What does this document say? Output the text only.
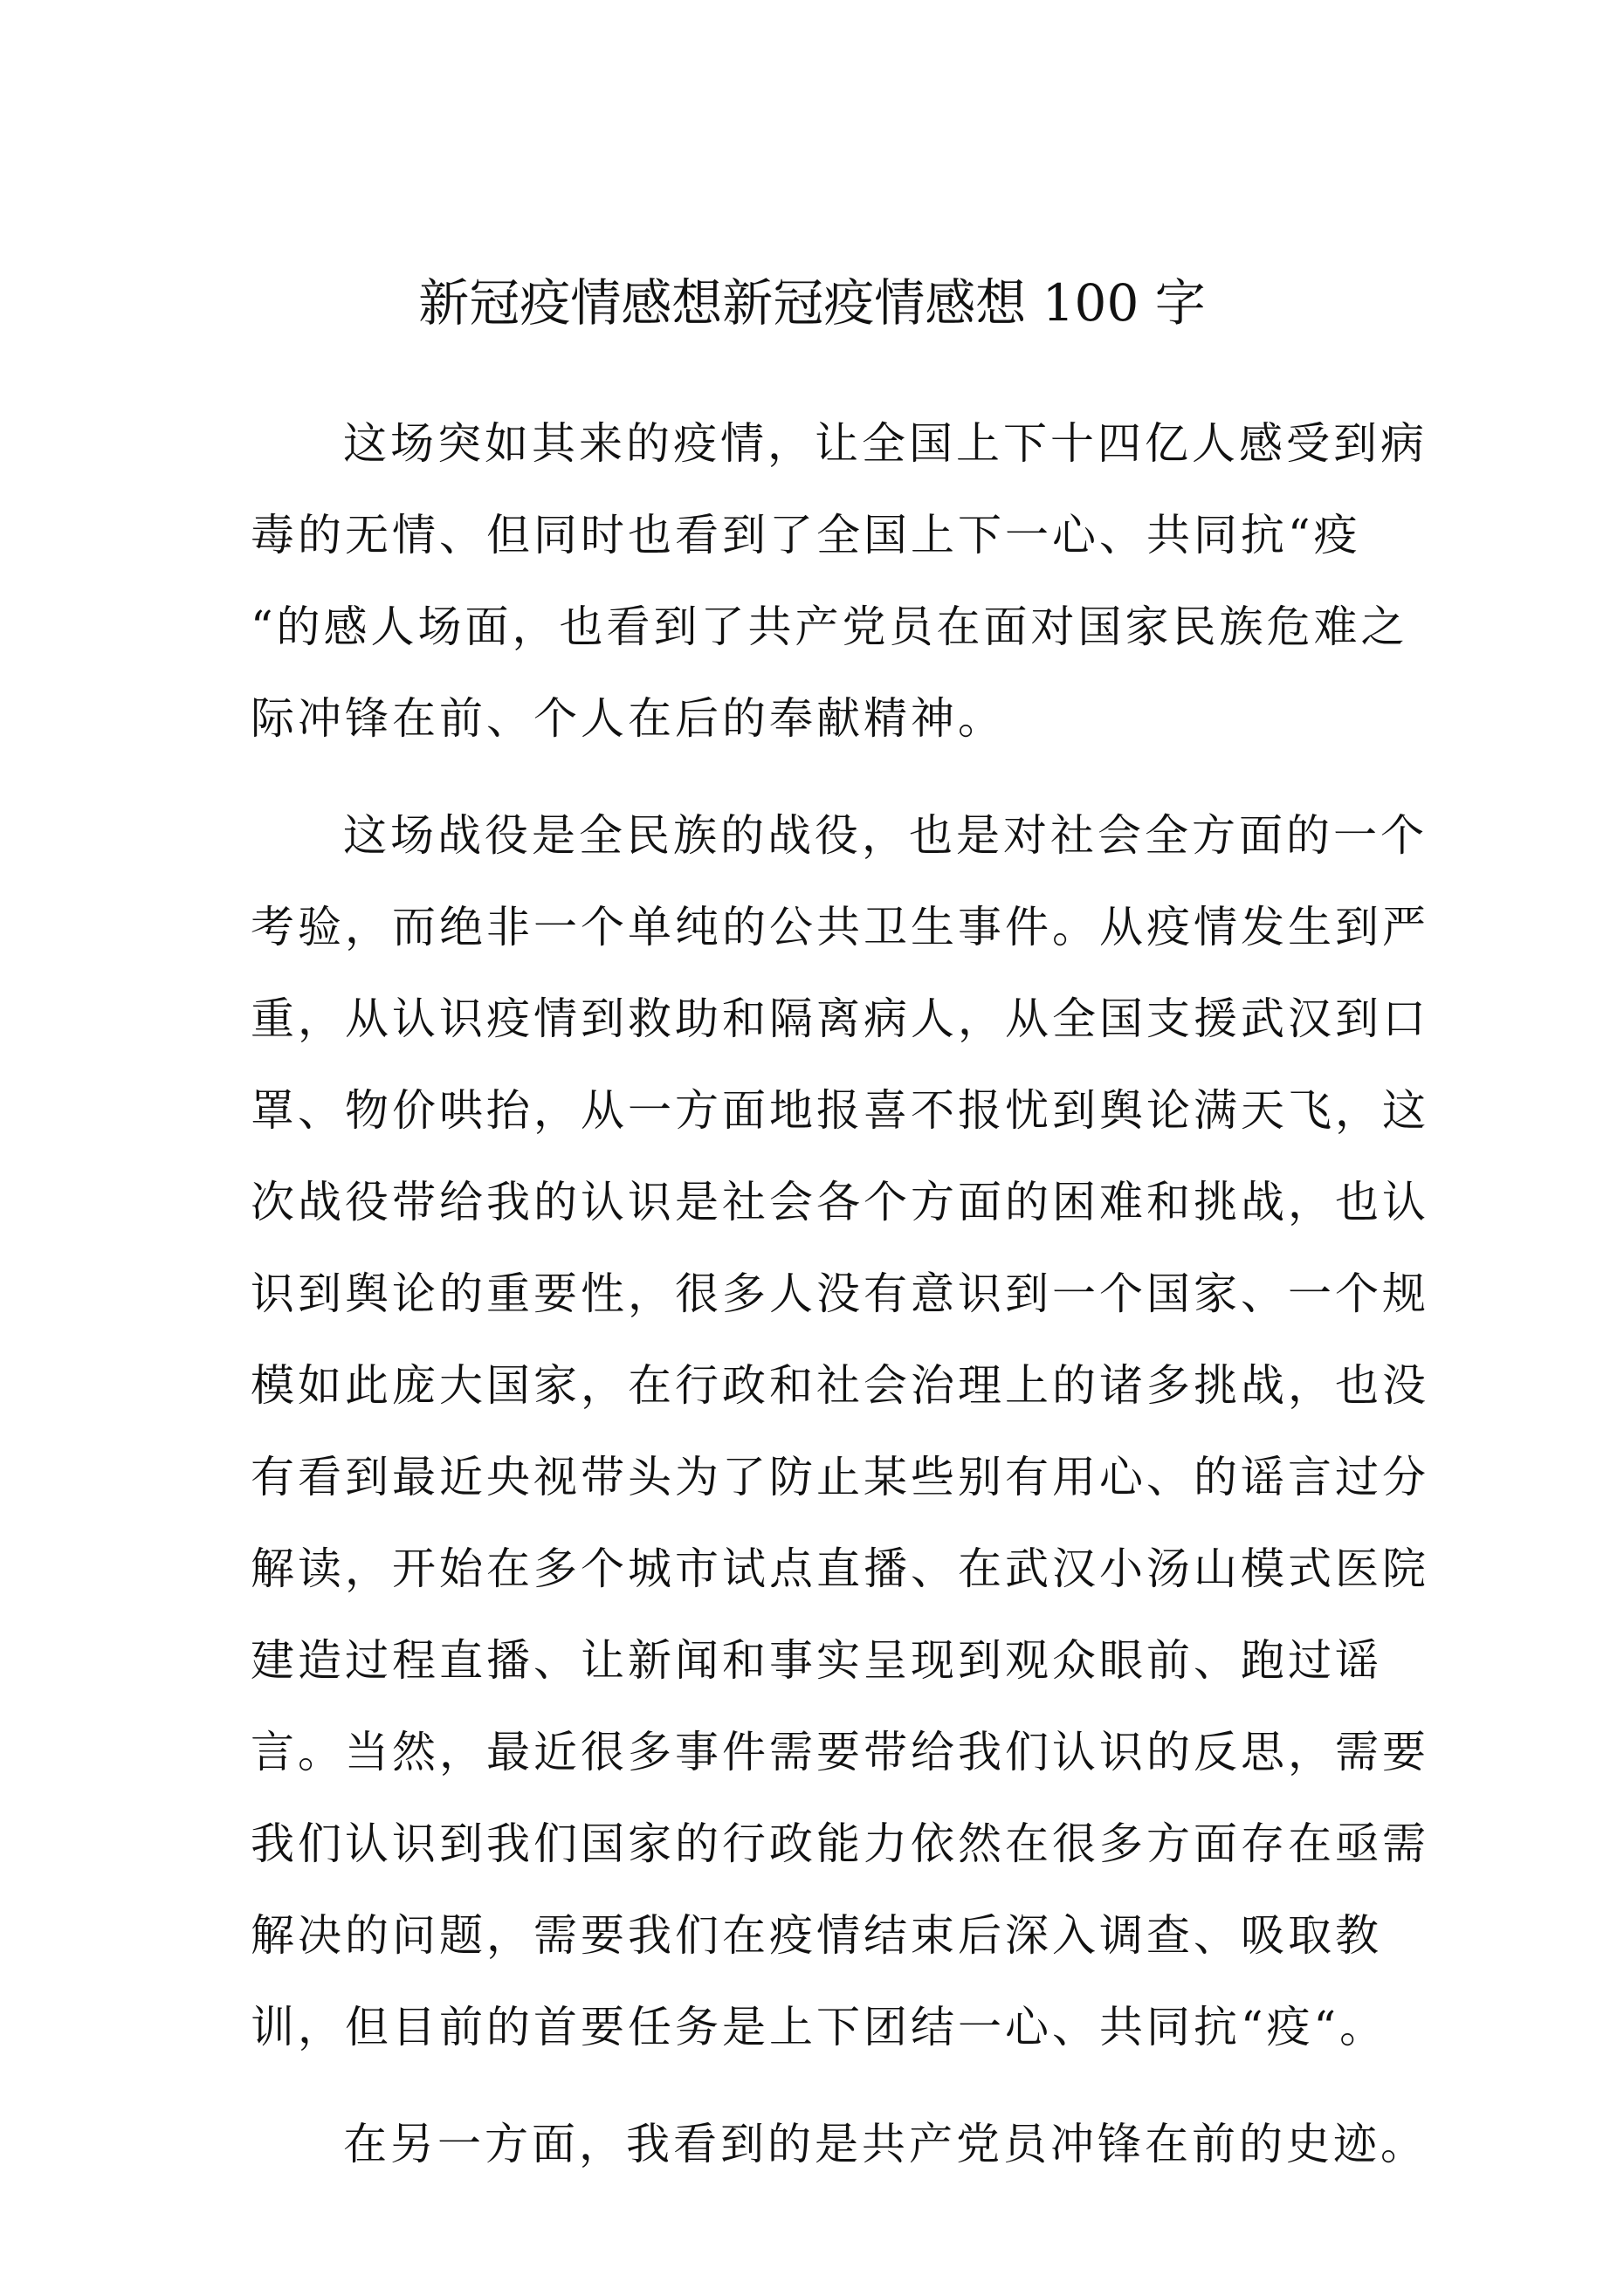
新冠疫情感想新冠疫情感想 100 字

这场突如其来的疫情，让全国上下十四亿人感受到病
毒的无情、但同时也看到了全国上下一心、共同抗“疫
“的感人场面，也看到了共产党员在面对国家民族危难之
际冲锋在前、个人在后的奉献精神。

这场战役是全民族的战役，也是对社会全方面的一个
考验，而绝非一个单纯的公共卫生事件。从疫情发生到严
重，从认识疫情到救助和隔离病人，从全国支援武汉到口
罩、物价哄抬，从一方面地报喜不报忧到舆论满天飞，这
次战役带给我的认识是社会各个方面的困难和挑战，也认
识到舆论的重要性，很多人没有意识到一个国家、一个规
模如此庞大国家，在行政和社会治理上的诸多挑战，也没
有看到最近央视带头为了防止某些别有用心、的谣言过分
解读，开始在多个城市试点直播、在武汉小汤山模式医院
建造过程直播、让新闻和事实呈现到观众眼前、跑过谣
言。当然，最近很多事件需要带给我们认识的反思，需要
我们认识到我们国家的行政能力依然在很多方面存在亟需
解决的问题，需要我们在疫情结束后深入调查、吸取教
训，但目前的首要任务是上下团结一心、共同抗“疫“。

在另一方面，我看到的是共产党员冲锋在前的史迹。
